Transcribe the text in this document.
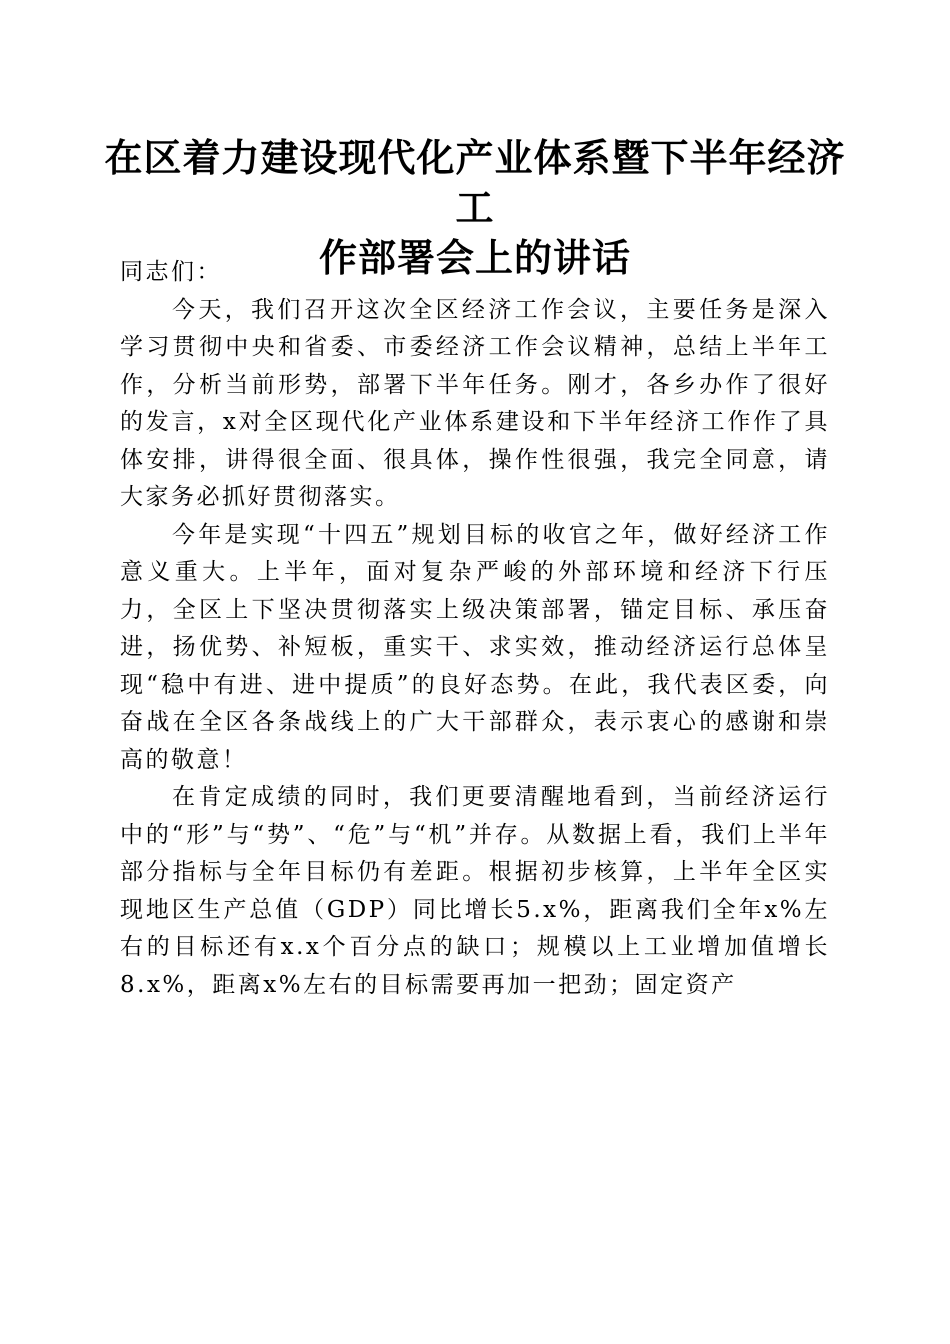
在区着力建设现代化产业体系暨下半年经济工
作部署会上的讲话

同志们：

今天，我们召开这次全区经济工作会议，主要任务是深入学习贯彻中央和省委、市委经济工作会议精神，总结上半年工作，分析当前形势，部署下半年任务。刚才，各乡办作了很好的发言，x对全区现代化产业体系建设和下半年经济工作作了具体安排，讲得很全面、很具体，操作性很强，我完全同意，请大家务必抓好贯彻落实。

今年是实现“十四五”规划目标的收官之年，做好经济工作意义重大。上半年，面对复杂严峻的外部环境和经济下行压力，全区上下坚决贯彻落实上级决策部署，锚定目标、承压奋进，扬优势、补短板，重实干、求实效，推动经济运行总体呈现“稳中有进、进中提质”的良好态势。在此，我代表区委，向奋战在全区各条战线上的广大干部群众，表示衷心的感谢和崇高的敬意！

在肯定成绩的同时，我们更要清醒地看到，当前经济运行中的“形”与“势”、“危”与“机”并存。从数据上看，我们上半年部分指标与全年目标仍有差距。根据初步核算，上半年全区实现地区生产总值（GDP）同比增长5.x%，距离我们全年x%左右的目标还有x.x个百分点的缺口；规模以上工业增加值增长8.x%，距离x%左右的目标需要再加一把劲；固定资产
